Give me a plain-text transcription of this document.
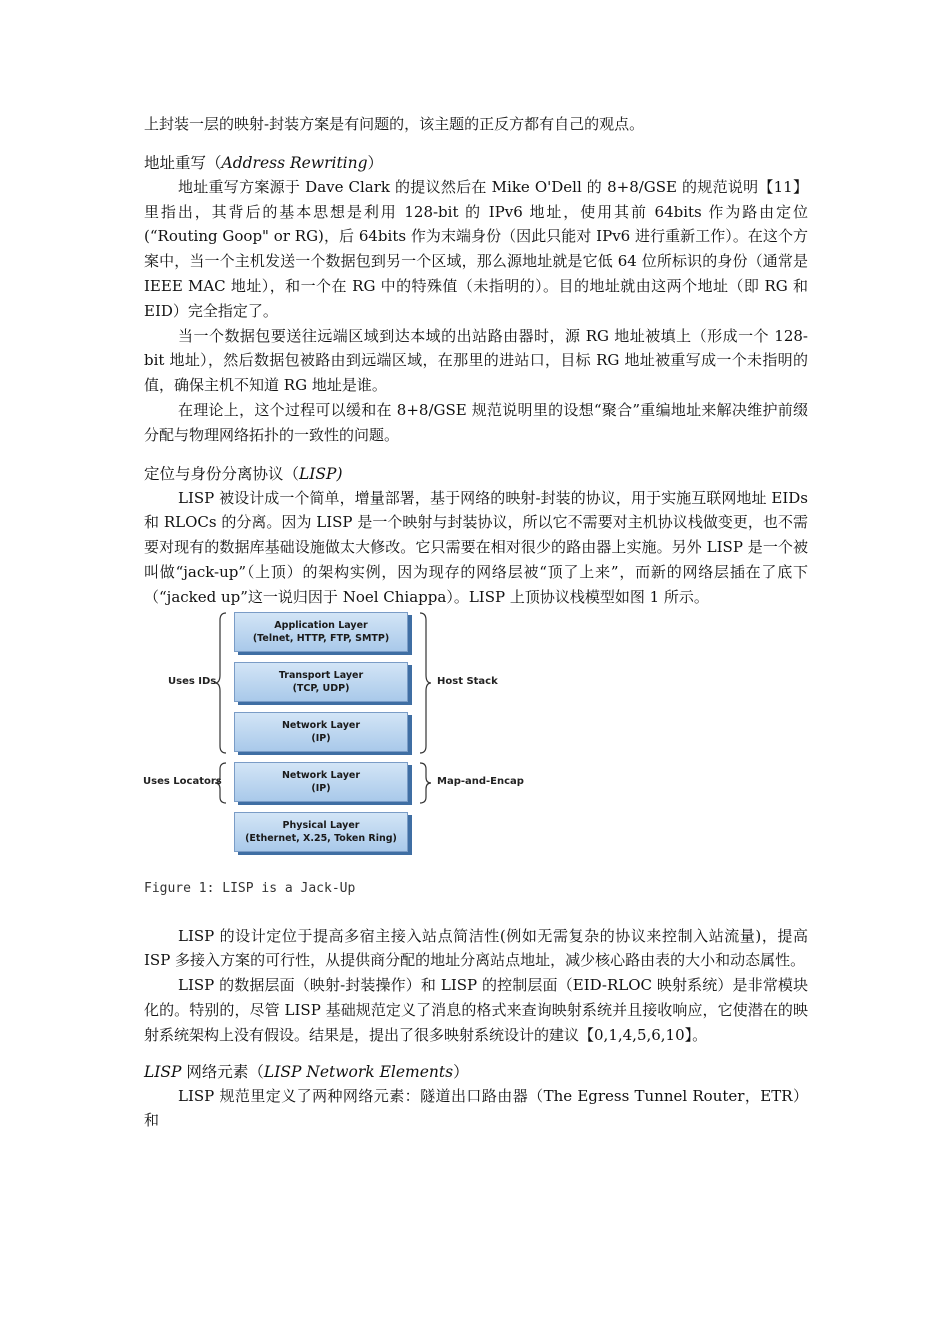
上封装一层的映射-封装方案是有问题的，该主题的正反方都有自己的观点。

地址重写（Address Rewriting）

地址重写方案源于 Dave Clark 的提议然后在 Mike O'Dell 的 8+8/GSE 的规范说明【11】里指出，其背后的基本思想是利用 128-bit 的 IPv6 地址，使用其前 64bits 作为路由定位(“Routing Goop" or RG)，后 64bits 作为末端身份（因此只能对 IPv6 进行重新工作）。在这个方案中，当一个主机发送一个数据包到另一个区域，那么源地址就是它低 64 位所标识的身份（通常是 IEEE MAC 地址），和一个在 RG 中的特殊值（未指明的）。目的地址就由这两个地址（即 RG 和 EID）完全指定了。

当一个数据包要送往远端区域到达本域的出站路由器时，源 RG 地址被填上（形成一个 128-bit 地址），然后数据包被路由到远端区域，在那里的进站口，目标 RG 地址被重写成一个未指明的值，确保主机不知道 RG 地址是谁。

在理论上，这个过程可以缓和在 8+8/GSE 规范说明里的设想“聚合”重编地址来解决维护前缀分配与物理网络拓扑的一致性的问题。

定位与身份分离协议（LISP)

LISP 被设计成一个简单，增量部署，基于网络的映射-封装的协议，用于实施互联网地址 EIDs 和 RLOCs 的分离。因为 LISP 是一个映射与封装协议，所以它不需要对主机协议栈做变更，也不需要对现有的数据库基础设施做太大修改。它只需要在相对很少的路由器上实施。另外 LISP 是一个被叫做“jack-up”（上顶）的架构实例，因为现存的网络层被“顶了上来”，而新的网络层插在了底下（“jacked up”这一说归因于 Noel Chiappa）。LISP 上顶协议栈模型如图 1 所示。

Application Layer
(Telnet, HTTP, FTP, SMTP)
Transport Layer
(TCP, UDP)
Network Layer
(IP)
Network Layer
(IP)
Physical Layer
(Ethernet, X.25, Token Ring)
Uses IDs
Uses Locators
Host Stack
Map-and-Encap
Figure 1: LISP is a Jack-Up

LISP 的设计定位于提高多宿主接入站点简洁性(例如无需复杂的协议来控制入站流量)，提高 ISP 多接入方案的可行性，从提供商分配的地址分离站点地址，减少核心路由表的大小和动态属性。

LISP 的数据层面（映射-封装操作）和 LISP 的控制层面（EID-RLOC 映射系统）是非常模块化的。特别的，尽管 LISP 基础规范定义了消息的格式来查询映射系统并且接收响应，它使潜在的映射系统架构上没有假设。结果是，提出了很多映射系统设计的建议【0,1,4,5,6,10】。

LISP 网络元素（LISP Network Elements）

LISP 规范里定义了两种网络元素：隧道出口路由器（The Egress Tunnel Router，ETR）和
